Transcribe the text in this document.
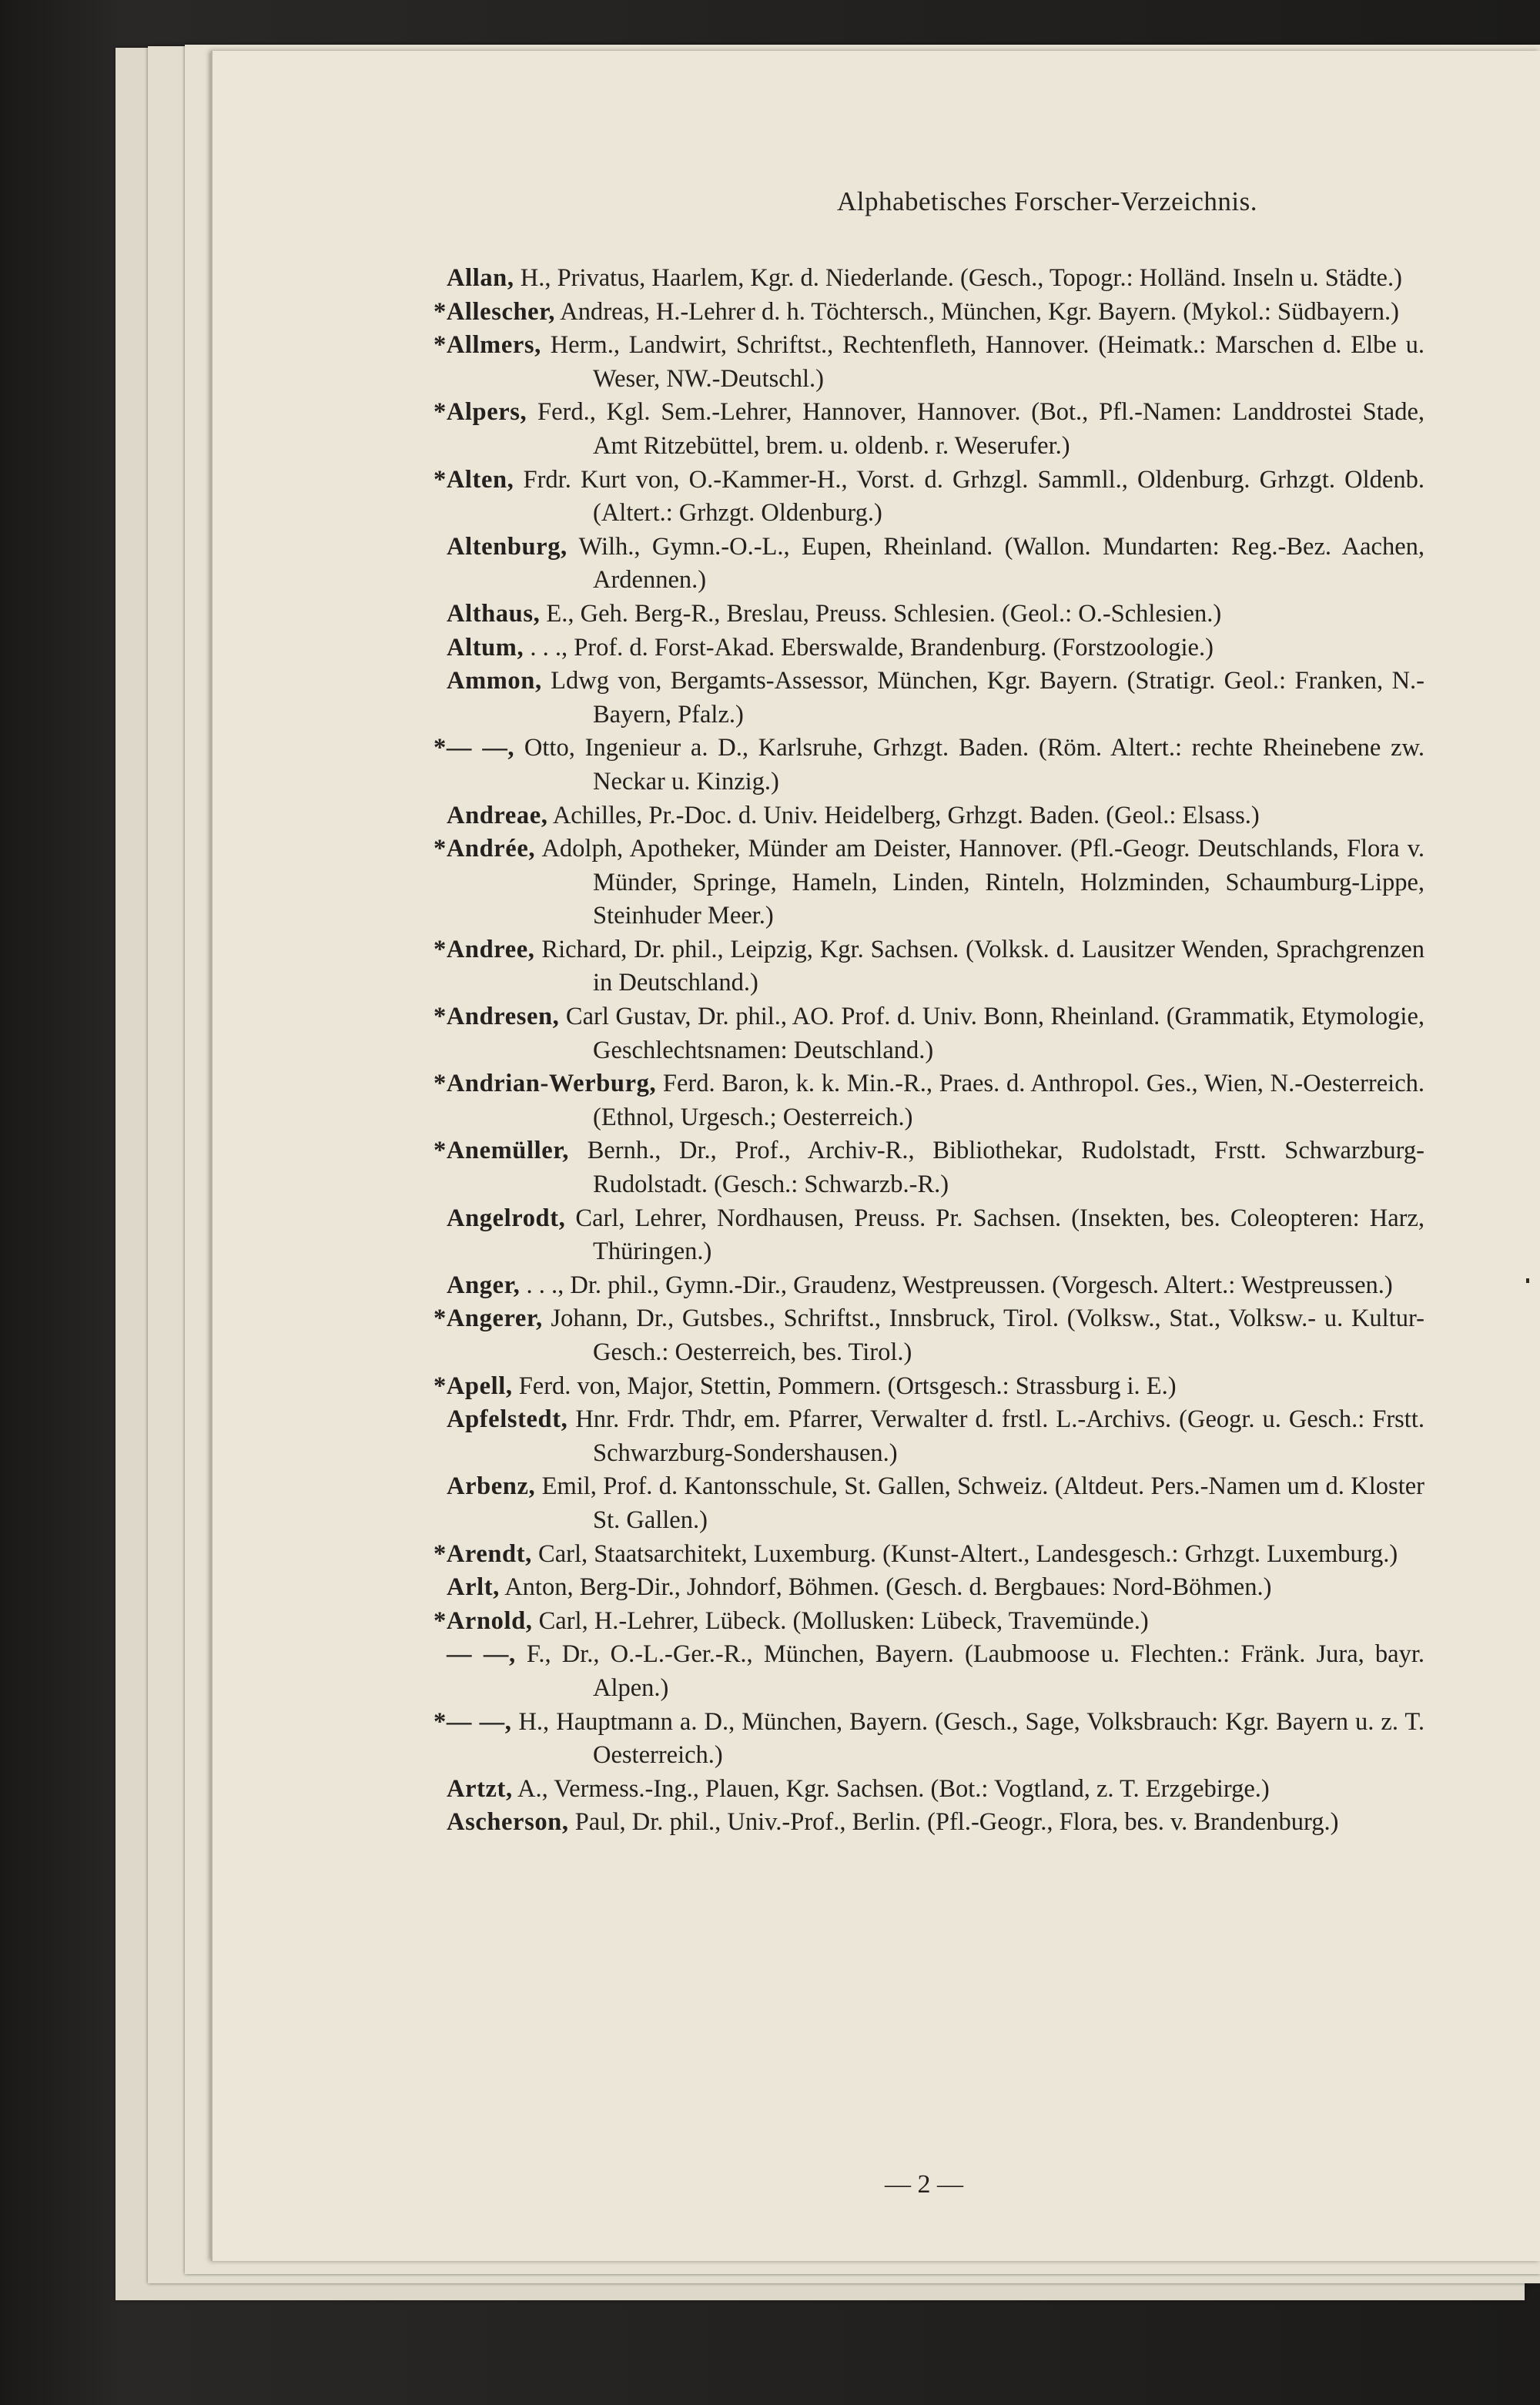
Alphabetisches Forscher-Verzeichnis.
Allan, H., Privatus, Haarlem, Kgr. d. Niederlande. (Gesch., Topogr.: Holländ. Inseln u. Städte.)
*Allescher, Andreas, H.-Lehrer d. h. Töchtersch., München, Kgr. Bayern. (Mykol.: Südbayern.)
*Allmers, Herm., Landwirt, Schriftst., Rechtenfleth, Hannover. (Heimatk.: Marschen d. Elbe u. Weser, NW.-Deutschl.)
*Alpers, Ferd., Kgl. Sem.-Lehrer, Hannover, Hannover. (Bot., Pfl.-Namen: Landdrostei Stade, Amt Ritzebüttel, brem. u. oldenb. r. Weserufer.)
*Alten, Frdr. Kurt von, O.-Kammer-H., Vorst. d. Grhzgl. Sammll., Oldenburg. Grhzgt. Oldenb. (Altert.: Grhzgt. Oldenburg.)
Altenburg, Wilh., Gymn.-O.-L., Eupen, Rheinland. (Wallon. Mundarten: Reg.-Bez. Aachen, Ardennen.)
Althaus, E., Geh. Berg-R., Breslau, Preuss. Schlesien. (Geol.: O.-Schlesien.)
Altum, . . ., Prof. d. Forst-Akad. Eberswalde, Brandenburg. (Forstzoologie.)
Ammon, Ldwg von, Bergamts-Assessor, München, Kgr. Bayern. (Stratigr. Geol.: Franken, N.-Bayern, Pfalz.)
*— —, Otto, Ingenieur a. D., Karlsruhe, Grhzgt. Baden. (Röm. Altert.: rechte Rheinebene zw. Neckar u. Kinzig.)
Andreae, Achilles, Pr.-Doc. d. Univ. Heidelberg, Grhzgt. Baden. (Geol.: Elsass.)
*Andrée, Adolph, Apotheker, Münder am Deister, Hannover. (Pfl.-Geogr. Deutschlands, Flora v. Münder, Springe, Hameln, Linden, Rinteln, Holzminden, Schaumburg-Lippe, Steinhuder Meer.)
*Andree, Richard, Dr. phil., Leipzig, Kgr. Sachsen. (Volksk. d. Lausitzer Wenden, Sprachgrenzen in Deutschland.)
*Andresen, Carl Gustav, Dr. phil., AO. Prof. d. Univ. Bonn, Rheinland. (Grammatik, Etymologie, Geschlechtsnamen: Deutschland.)
*Andrian-Werburg, Ferd. Baron, k. k. Min.-R., Praes. d. Anthropol. Ges., Wien, N.-Oesterreich. (Ethnol, Urgesch.; Oesterreich.)
*Anemüller, Bernh., Dr., Prof., Archiv-R., Bibliothekar, Rudolstadt, Frstt. Schwarzburg-Rudolstadt. (Gesch.: Schwarzb.-R.)
Angelrodt, Carl, Lehrer, Nordhausen, Preuss. Pr. Sachsen. (Insekten, bes. Coleopteren: Harz, Thüringen.)
Anger, . . ., Dr. phil., Gymn.-Dir., Graudenz, Westpreussen. (Vorgesch. Altert.: Westpreussen.)
*Angerer, Johann, Dr., Gutsbes., Schriftst., Innsbruck, Tirol. (Volksw., Stat., Volksw.- u. Kultur-Gesch.: Oesterreich, bes. Tirol.)
*Apell, Ferd. von, Major, Stettin, Pommern. (Ortsgesch.: Strassburg i. E.)
Apfelstedt, Hnr. Frdr. Thdr, em. Pfarrer, Verwalter d. frstl. L.-Archivs. (Geogr. u. Gesch.: Frstt. Schwarzburg-Sondershausen.)
Arbenz, Emil, Prof. d. Kantonsschule, St. Gallen, Schweiz. (Altdeut. Pers.-Namen um d. Kloster St. Gallen.)
*Arendt, Carl, Staatsarchitekt, Luxemburg. (Kunst-Altert., Landesgesch.: Grhzgt. Luxemburg.)
Arlt, Anton, Berg-Dir., Johndorf, Böhmen. (Gesch. d. Bergbaues: Nord-Böhmen.)
*Arnold, Carl, H.-Lehrer, Lübeck. (Mollusken: Lübeck, Travemünde.)
— —, F., Dr., O.-L.-Ger.-R., München, Bayern. (Laubmoose u. Flechten.: Fränk. Jura, bayr. Alpen.)
*— —, H., Hauptmann a. D., München, Bayern. (Gesch., Sage, Volksbrauch: Kgr. Bayern u. z. T. Oesterreich.)
Artzt, A., Vermess.-Ing., Plauen, Kgr. Sachsen. (Bot.: Vogtland, z. T. Erzgebirge.)
Ascherson, Paul, Dr. phil., Univ.-Prof., Berlin. (Pfl.-Geogr., Flora, bes. v. Brandenburg.)
— 2 —
